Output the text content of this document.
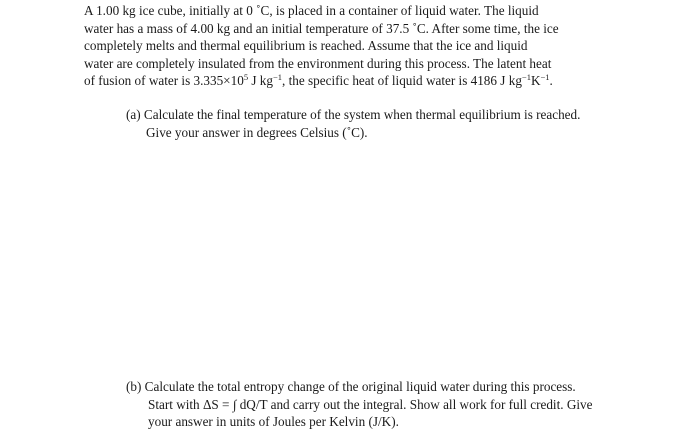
A 1.00 kg ice cube, initially at 0 ˚C, is placed in a container of liquid water. The liquid
water has a mass of 4.00 kg and an initial temperature of 37.5 ˚C. After some time, the ice
completely melts and thermal equilibrium is reached. Assume that the ice and liquid
water are completely insulated from the environment during this process. The latent heat
of fusion of water is $3.335\times 10^5$ J $kg^{-1}$, the specific heat of liquid water is 4186 J $kg^{-1}K^{-1}$.
(a) Calculate the final temperature of the system when thermal equilibrium is reached.
Give your answer in degrees Celsius (˚C).
(b) Calculate the total entropy change of the original liquid water during this process.
Start with ΔS = ∫ dQ/T and carry out the integral. Show all work for full credit. Give
your answer in units of Joules per Kelvin (J/K).
